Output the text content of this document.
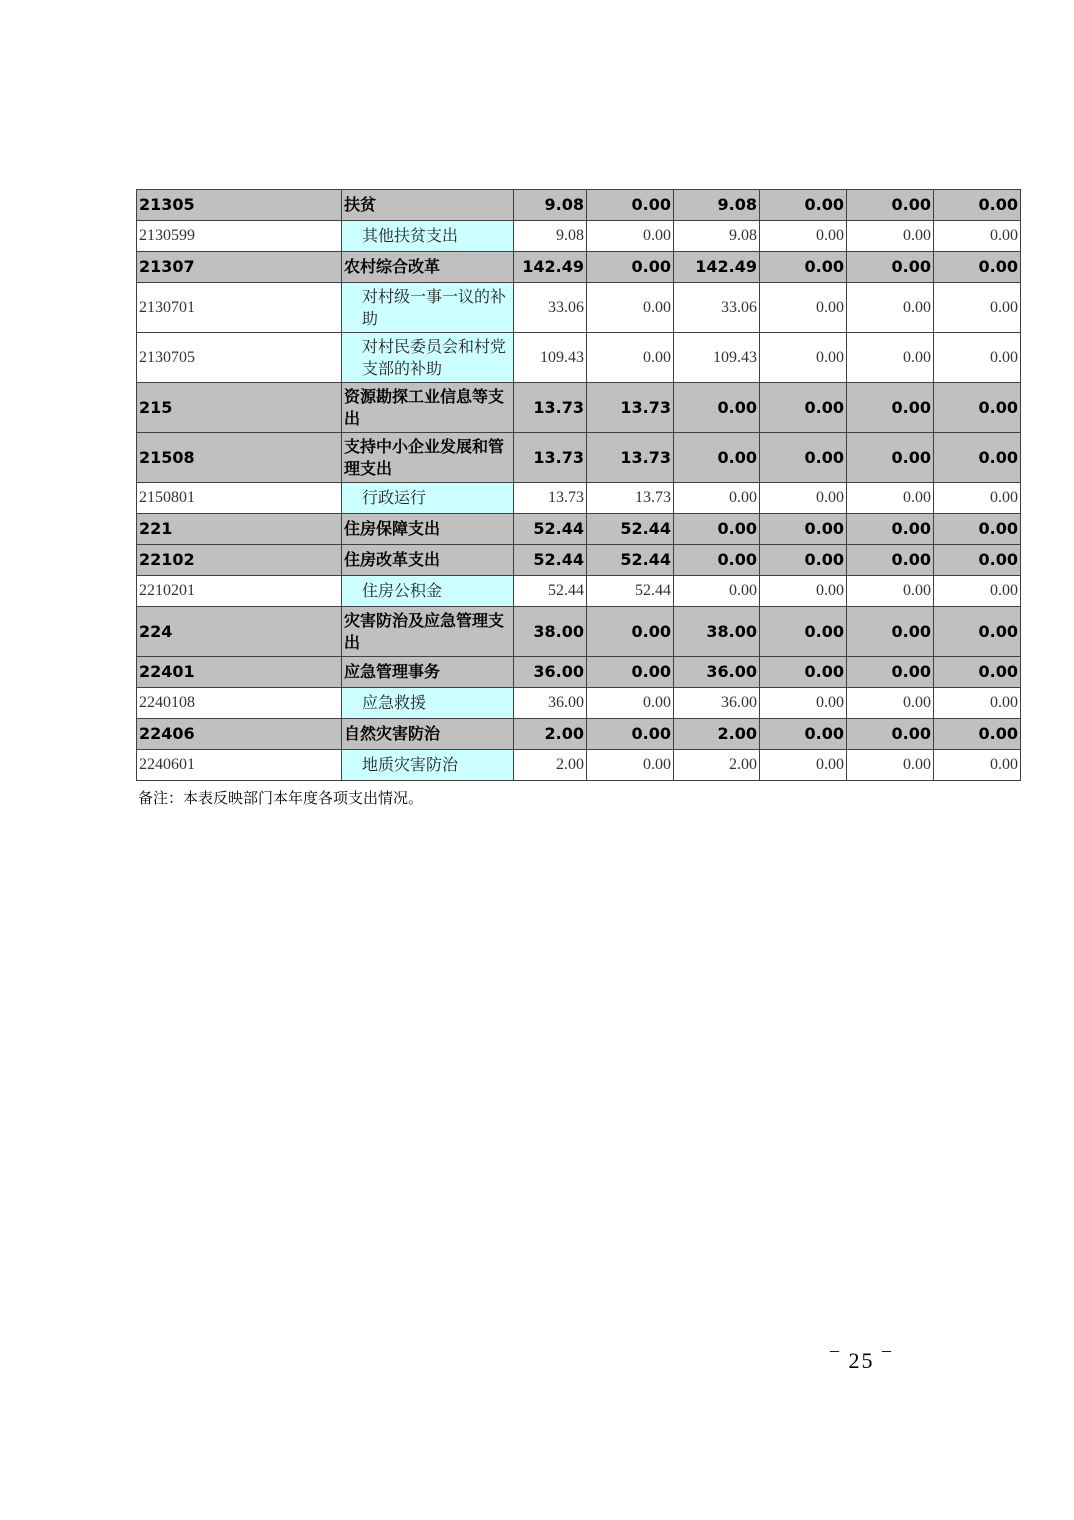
21305	扶贫	9.08	0.00	9.08	0.00	0.00	0.00
2130599	其他扶贫支出	9.08	0.00	9.08	0.00	0.00	0.00
21307	农村综合改革	142.49	0.00	142.49	0.00	0.00	0.00
2130701	对村级一事一议的补助	33.06	0.00	33.06	0.00	0.00	0.00
2130705	对村民委员会和村党支部的补助	109.43	0.00	109.43	0.00	0.00	0.00
215	资源勘探工业信息等支出	13.73	13.73	0.00	0.00	0.00	0.00
21508	支持中小企业发展和管理支出	13.73	13.73	0.00	0.00	0.00	0.00
2150801	行政运行	13.73	13.73	0.00	0.00	0.00	0.00
221	住房保障支出	52.44	52.44	0.00	0.00	0.00	0.00
22102	住房改革支出	52.44	52.44	0.00	0.00	0.00	0.00
2210201	住房公积金	52.44	52.44	0.00	0.00	0.00	0.00
224	灾害防治及应急管理支出	38.00	0.00	38.00	0.00	0.00	0.00
22401	应急管理事务	36.00	0.00	36.00	0.00	0.00	0.00
2240108	应急救援	36.00	0.00	36.00	0.00	0.00	0.00
22406	自然灾害防治	2.00	0.00	2.00	0.00	0.00	0.00
2240601	地质灾害防治	2.00	0.00	2.00	0.00	0.00	0.00
备注：本表反映部门本年度各项支出情况。
– 25 –
